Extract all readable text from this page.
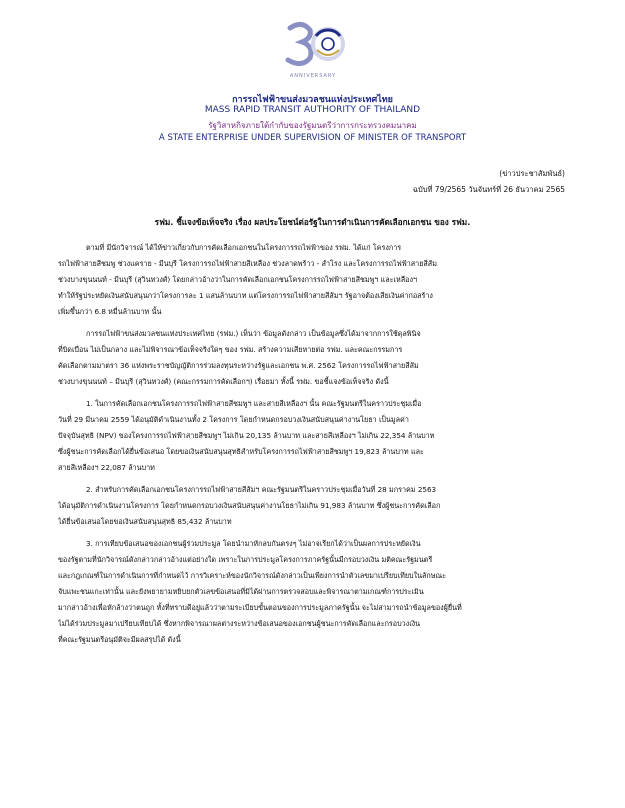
ANNIVERSARY
การรถไฟฟ้าขนส่งมวลชนแห่งประเทศไทย
MASS RAPID TRANSIT AUTHORITY OF THAILAND
รัฐวิสาหกิจภายใต้กำกับของรัฐมนตรีว่าการกระทรวงคมนาคม
A STATE ENTERPRISE UNDER SUPERVISION OF MINISTER OF TRANSPORT
(ข่าวประชาสัมพันธ์)
ฉบับที่ 79/2565 วันจันทร์ที่ 26 ธันวาคม 2565
รฟม. ชี้แจงข้อเท็จจริง เรื่อง ผลประโยชน์ต่อรัฐในการดำเนินการคัดเลือกเอกชน ของ รฟม.
ตามที่ มีนักวิจารณ์ ได้ให้ข่าวเกี่ยวกับการคัดเลือกเอกชนในโครงการรถไฟฟ้าของ รฟม. ได้แก่ โครงการ
รถไฟฟ้าสายสีชมพู ช่วงแคราย - มีนบุรี โครงการรถไฟฟ้าสายสีเหลือง ช่วงลาดพร้าว - สำโรง และโครงการรถไฟฟ้าสายสีส้ม
ช่วงบางขุนนนท์ - มีนบุรี (สุวินทวงศ์) โดยกล่าวอ้างว่าในการคัดเลือกเอกชนโครงการรถไฟฟ้าสายสีชมพูฯ และเหลืองฯ
ทำให้รัฐประหยัดเงินสนับสนุนกว่าโครงการละ 1 แสนล้านบาท แต่โครงการรถไฟฟ้าสายสีส้มฯ รัฐอาจต้องเสียเงินค่าก่อสร้าง
เพิ่มขึ้นกว่า 6.8 หมื่นล้านบาท นั้น
การรถไฟฟ้าขนส่งมวลชนแห่งประเทศไทย (รฟม.) เห็นว่า ข้อมูลดังกล่าว เป็นข้อมูลซึ่งได้มาจากการใช้ดุลพินิจ
ที่บิดเบือน ไม่เป็นกลาง และไม่พิจารณาข้อเท็จจริงใดๆ ของ รฟม. สร้างความเสียหายต่อ รฟม. และคณะกรรมการ
คัดเลือกตามมาตรา 36 แห่งพระราชบัญญัติการร่วมลงทุนระหว่างรัฐและเอกชน พ.ศ. 2562 โครงการรถไฟฟ้าสายสีส้ม
ช่วงบางขุนนนท์ – มีนบุรี (สุวินทวงศ์) (คณะกรรมการคัดเลือกฯ) เรื่อยมา ทั้งนี้ รฟม. ขอชี้แจงข้อเท็จจริง ดังนี้
1. ในการคัดเลือกเอกชนโครงการรถไฟฟ้าสายสีชมพูฯ และสายสีเหลืองฯ นั้น คณะรัฐมนตรีในคราวประชุมเมื่อ
วันที่ 29 มีนาคม 2559 ได้อนุมัติดำเนินงานทั้ง 2 โครงการ โดยกำหนดกรอบวงเงินสนับสนุนค่างานโยธา เป็นมูลค่า
ปัจจุบันสุทธิ (NPV) ของโครงการรถไฟฟ้าสายสีชมพูฯ ไม่เกิน 20,135 ล้านบาท และสายสีเหลืองฯ ไม่เกิน 22,354 ล้านบาท
ซึ่งผู้ชนะการคัดเลือกได้ยื่นข้อเสนอ โดยขอเงินสนับสนุนสุทธิสำหรับโครงการรถไฟฟ้าสายสีชมพูฯ 19,823 ล้านบาท และ
สายสีเหลืองฯ 22,087 ล้านบาท
2. สำหรับการคัดเลือกเอกชนโครงการรถไฟฟ้าสายสีส้มฯ คณะรัฐมนตรีในคราวประชุมเมื่อวันที่ 28 มกราคม 2563
ได้อนุมัติการดำเนินงานโครงการ โดยกำหนดกรอบวงเงินสนับสนุนค่างานโยธาไม่เกิน 91,983 ล้านบาท ซึ่งผู้ชนะการคัดเลือก
ได้ยื่นข้อเสนอโดยขอเงินสนับสนุนสุทธิ 85,432 ล้านบาท
3. การเทียบข้อเสนอของเอกชนผู้ร่วมประมูล โดยนำมาหักลบกันตรงๆ ไม่อาจเรียกได้ว่าเป็นผลการประหยัดเงิน
ของรัฐตามที่นักวิจารณ์ดังกล่าวกล่าวอ้างแต่อย่างใด เพราะในการประมูลโครงการภาครัฐนั้นมีกรอบวงเงิน มติคณะรัฐมนตรี
และกฎเกณฑ์ในการดำเนินการที่กำหนดไว้ การวิเคราะห์ของนักวิจารณ์ดังกล่าวเป็นเพียงการนำตัวเลขมาเปรียบเทียบในลักษณะ
จับแพะชนแกะเท่านั้น และยังพยายามหยิบยกตัวเลขข้อเสนอที่มิได้ผ่านการตรวจสอบและพิจารณาตามเกณฑ์การประเมิน
มากล่าวอ้างเพื่อหักล้างว่าตนถูก ทั้งที่ทราบดีอยู่แล้วว่าตามระเบียบขั้นตอนของการประมูลภาครัฐนั้น จะไม่สามารถนำข้อมูลของผู้ยื่นที่
ไม่ได้ร่วมประมูลมาเปรียบเทียบได้ ซึ่งหากพิจารณาผลต่างระหว่างข้อเสนอของเอกชนผู้ชนะการคัดเลือกและกรอบวงเงิน
ที่คณะรัฐมนตรีอนุมัติจะมีผลสรุปได้ ดังนี้
